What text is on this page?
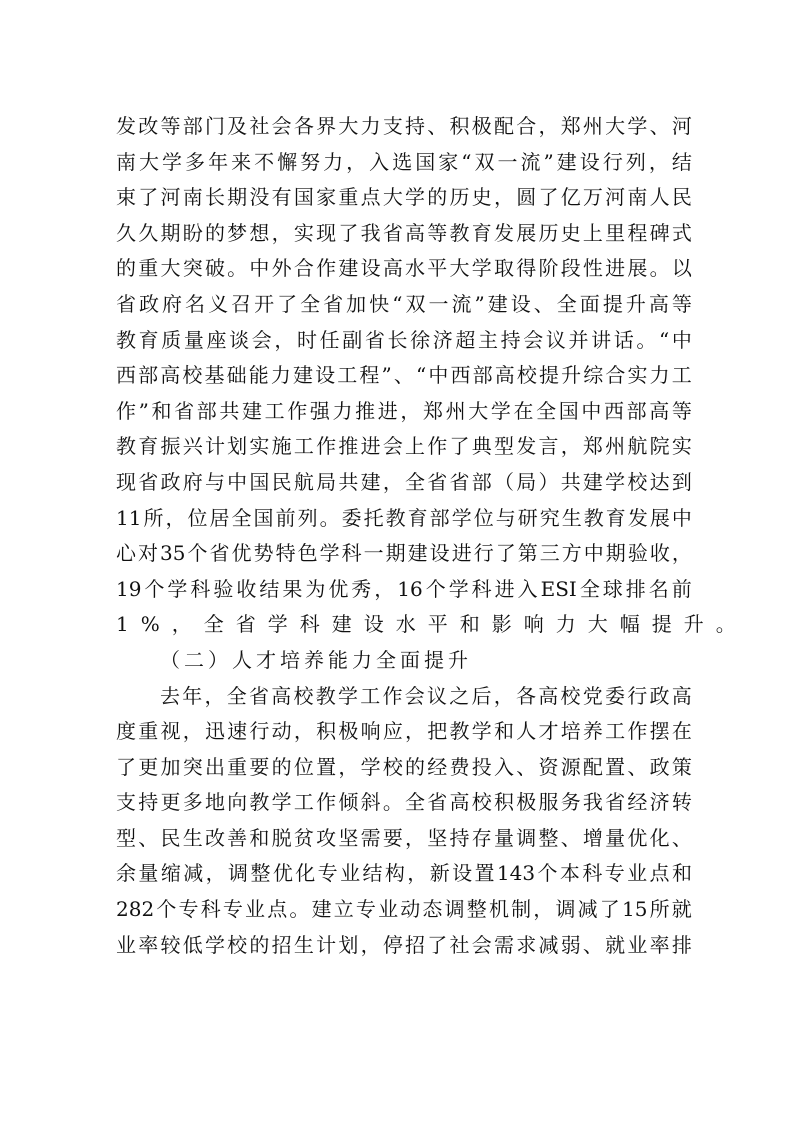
发 改 等 部 门 及 社 会 各 界 大 力 支 持 、 积 极 配 合 ， 郑 州 大 学 、 河
南 大 学 多 年 来 不 懈 努 力 ， 入 选 国 家 “ 双 一 流 ” 建 设 行 列 ， 结
束 了 河 南 长 期 没 有 国 家 重 点 大 学 的 历 史 ， 圆 了 亿 万 河 南 人 民
久 久 期 盼 的 梦 想 ， 实 现 了 我 省 高 等 教 育 发 展 历 史 上 里 程 碑 式
的 重 大 突 破 。 中 外 合 作 建 设 高 水 平 大 学 取 得 阶 段 性 进 展 。 以
省 政 府 名 义 召 开 了 全 省 加 快 “ 双 一 流 ” 建 设 、 全 面 提 升 高 等
教 育 质 量 座 谈 会 ， 时 任 副 省 长 徐 济 超 主 持 会 议 并 讲 话 。 “ 中
西 部 高 校 基 础 能 力 建 设 工 程 ” 、 “ 中 西 部 高 校 提 升 综 合 实 力 工
作 ” 和 省 部 共 建 工 作 强 力 推 进 ， 郑 州 大 学 在 全 国 中 西 部 高 等
教 育 振 兴 计 划 实 施 工 作 推 进 会 上 作 了 典 型 发 言 ， 郑 州 航 院 实
现 省 政 府 与 中 国 民 航 局 共 建 ， 全 省 省 部 （ 局 ） 共 建 学 校 达 到
11 所 ， 位 居 全 国 前 列 。 委 托 教 育 部 学 位 与 研 究 生 教 育 发 展 中
心 对 35 个 省 优 势 特 色 学 科 一 期 建 设 进 行 了 第 三 方 中 期 验 收 ，
19 个 学 科 验 收 结 果 为 优 秀 ， 16 个 学 科 进 入 ESI 全 球 排 名 前
1%，全省学科建设水平和影响力大幅提升。
（二）人才培养能力全面提升
去 年 ， 全 省 高 校 教 学 工 作 会 议 之 后 ， 各 高 校 党 委 行 政 高
度 重 视 ， 迅 速 行 动 ， 积 极 响 应 ， 把 教 学 和 人 才 培 养 工 作 摆 在
了 更 加 突 出 重 要 的 位 置 ， 学 校 的 经 费 投 入 、 资 源 配 置 、 政 策
支 持 更 多 地 向 教 学 工 作 倾 斜 。 全 省 高 校 积 极 服 务 我 省 经 济 转
型 、 民 生 改 善 和 脱 贫 攻 坚 需 要 ， 坚 持 存 量 调 整 、 增 量 优 化 、
余 量 缩 减 ， 调 整 优 化 专 业 结 构 ， 新 设 置 143 个 本 科 专 业 点 和
282 个 专 科 专 业 点 。 建 立 专 业 动 态 调 整 机 制 ， 调 减 了 15 所 就
业 率 较 低 学 校 的 招 生 计 划 ， 停 招 了 社 会 需 求 减 弱 、 就 业 率 排
